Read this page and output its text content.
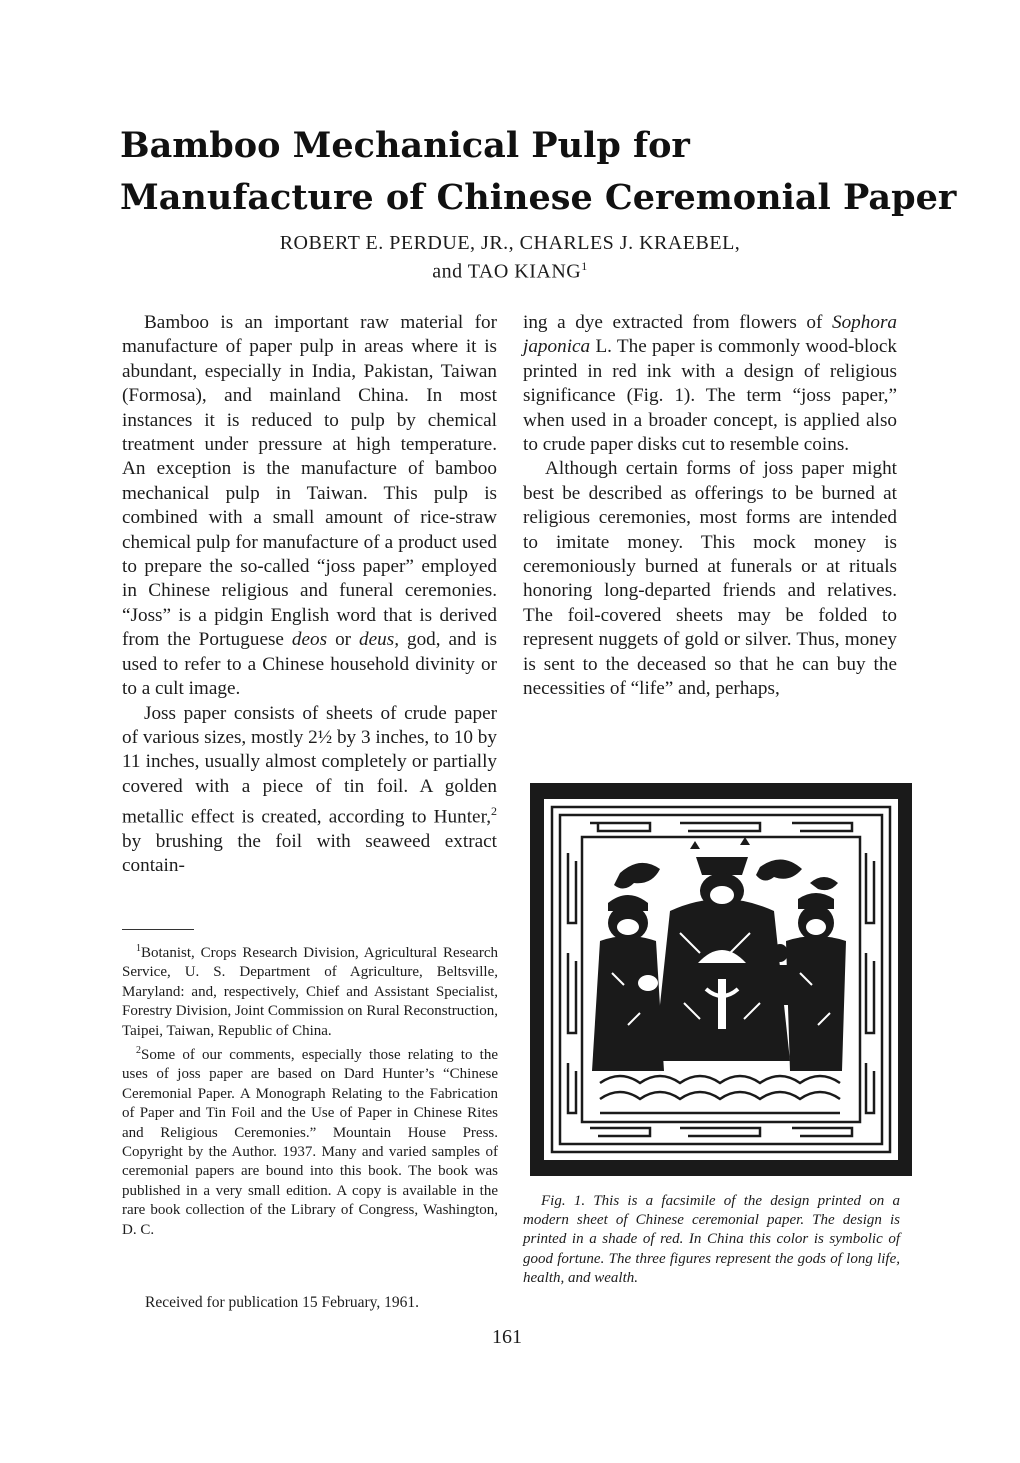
Bamboo Mechanical Pulp for
Manufacture of Chinese Ceremonial Paper
ROBERT E. PERDUE, JR., CHARLES J. KRAEBEL,
and TAO KIANG$^1$

Bamboo is an important raw material for manufacture of paper pulp in areas where it is abundant, especially in India, Pakistan, Taiwan (Formosa), and mainland China. In most instances it is reduced to pulp by chemical treatment under pressure at high temperature. An exception is the manufacture of bamboo mechanical pulp in Taiwan. This pulp is combined with a small amount of rice-straw chemical pulp for manufacture of a product used to prepare the so-called “joss paper” employed in Chinese religious and funeral ceremonies. “Joss” is a pidgin English word that is derived from the Portuguese deos or deus, god, and is used to refer to a Chinese household divinity or to a cult image.

Joss paper consists of sheets of crude paper of various sizes, mostly 2½ by 3 inches, to 10 by 11 inches, usually almost completely or partially covered with a piece of tin foil. A golden metallic effect is created, according to Hunter,$^2$ by brushing the foil with seaweed extract contain-

ing a dye extracted from flowers of Sophora japonica L. The paper is commonly wood-block printed in red ink with a design of religious significance (Fig. 1). The term “joss paper,” when used in a broader concept, is applied also to crude paper disks cut to resemble coins.

Although certain forms of joss paper might best be described as offerings to be burned at religious ceremonies, most forms are intended to imitate money. This mock money is ceremoniously burned at funerals or at rituals honoring long-departed friends and relatives. The foil-covered sheets may be folded to represent nuggets of gold or silver. Thus, money is sent to the deceased so that he can buy the necessities of “life” and, perhaps,

$^1$Botanist, Crops Research Division, Agricultural Research Service, U. S. Department of Agriculture, Beltsville, Maryland: and, respectively, Chief and Assistant Specialist, Forestry Division, Joint Commission on Rural Reconstruction, Taipei, Taiwan, Republic of China.

$^2$Some of our comments, especially those relating to the uses of joss paper are based on Dard Hunter’s “Chinese Ceremonial Paper. A Monograph Relating to the Fabrication of Paper and Tin Foil and the Use of Paper in Chinese Rites and Religious Ceremonies.” Mountain House Press. Copyright by the Author. 1937. Many and varied samples of ceremonial papers are bound into this book. The book was published in a very small edition. A copy is available in the rare book collection of the Library of Congress, Washington, D. C.

Received for publication 15 February, 1961.

Fig. 1. This is a facsimile of the design printed on a modern sheet of Chinese ceremonial paper. The design is printed in a shade of red. In China this color is symbolic of good fortune. The three figures represent the gods of long life, health, and wealth.

161
